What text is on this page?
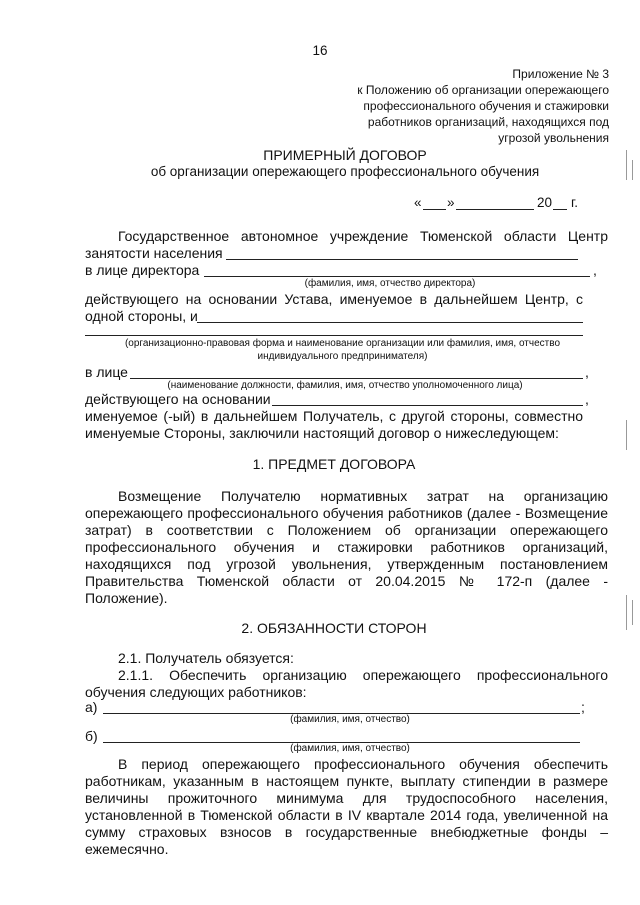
16
Приложение № 3
к Положению об организации опережающего
профессионального обучения и стажировки
работников организаций, находящихся под
угрозой увольнения
ПРИМЕРНЫЙ ДОГОВОР
об организации опережающего профессионального обучения
« »	20 г.
Государственное автономное учреждение Тюменской области Центр
занятости населения
в лице директора	,
(фамилия, имя, отчество директора)
действующего на основании Устава, именуемое в дальнейшем Центр, с
одной стороны, и
(организационно-правовая форма и наименование организации или фамилия, имя, отчество
индивидуального предпринимателя)
в лице	,
(наименование должности, фамилия, имя, отчество уполномоченного лица)
действующего на основании	,
именуемое (-ый) в дальнейшем Получатель, с другой стороны, совместно
именуемые Стороны, заключили настоящий договор о нижеследующем:
1. ПРЕДМЕТ ДОГОВОРА
Возмещение Получателю нормативных затрат на организацию
опережающего профессионального обучения работников (далее - Возмещение
затрат) в соответствии с Положением об организации опережающего
профессионального обучения и стажировки работников организаций,
находящихся под угрозой увольнения, утвержденным постановлением
Правительства Тюменской области от 20.04.2015 № 172-п (далее -
Положение).
2. ОБЯЗАННОСТИ СТОРОН
2.1. Получатель обязуется:
2.1.1. Обеспечить организацию опережающего профессионального
обучения следующих работников:
а)	;
(фамилия, имя, отчество)
б)
(фамилия, имя, отчество)
В период опережающего профессионального обучения обеспечить
работникам, указанным в настоящем пункте, выплату стипендии в размере
величины прожиточного минимума для трудоспособного населения,
установленной в Тюменской области в IV квартале 2014 года, увеличенной на
сумму страховых взносов в государственные внебюджетные фонды –
ежемесячно.
